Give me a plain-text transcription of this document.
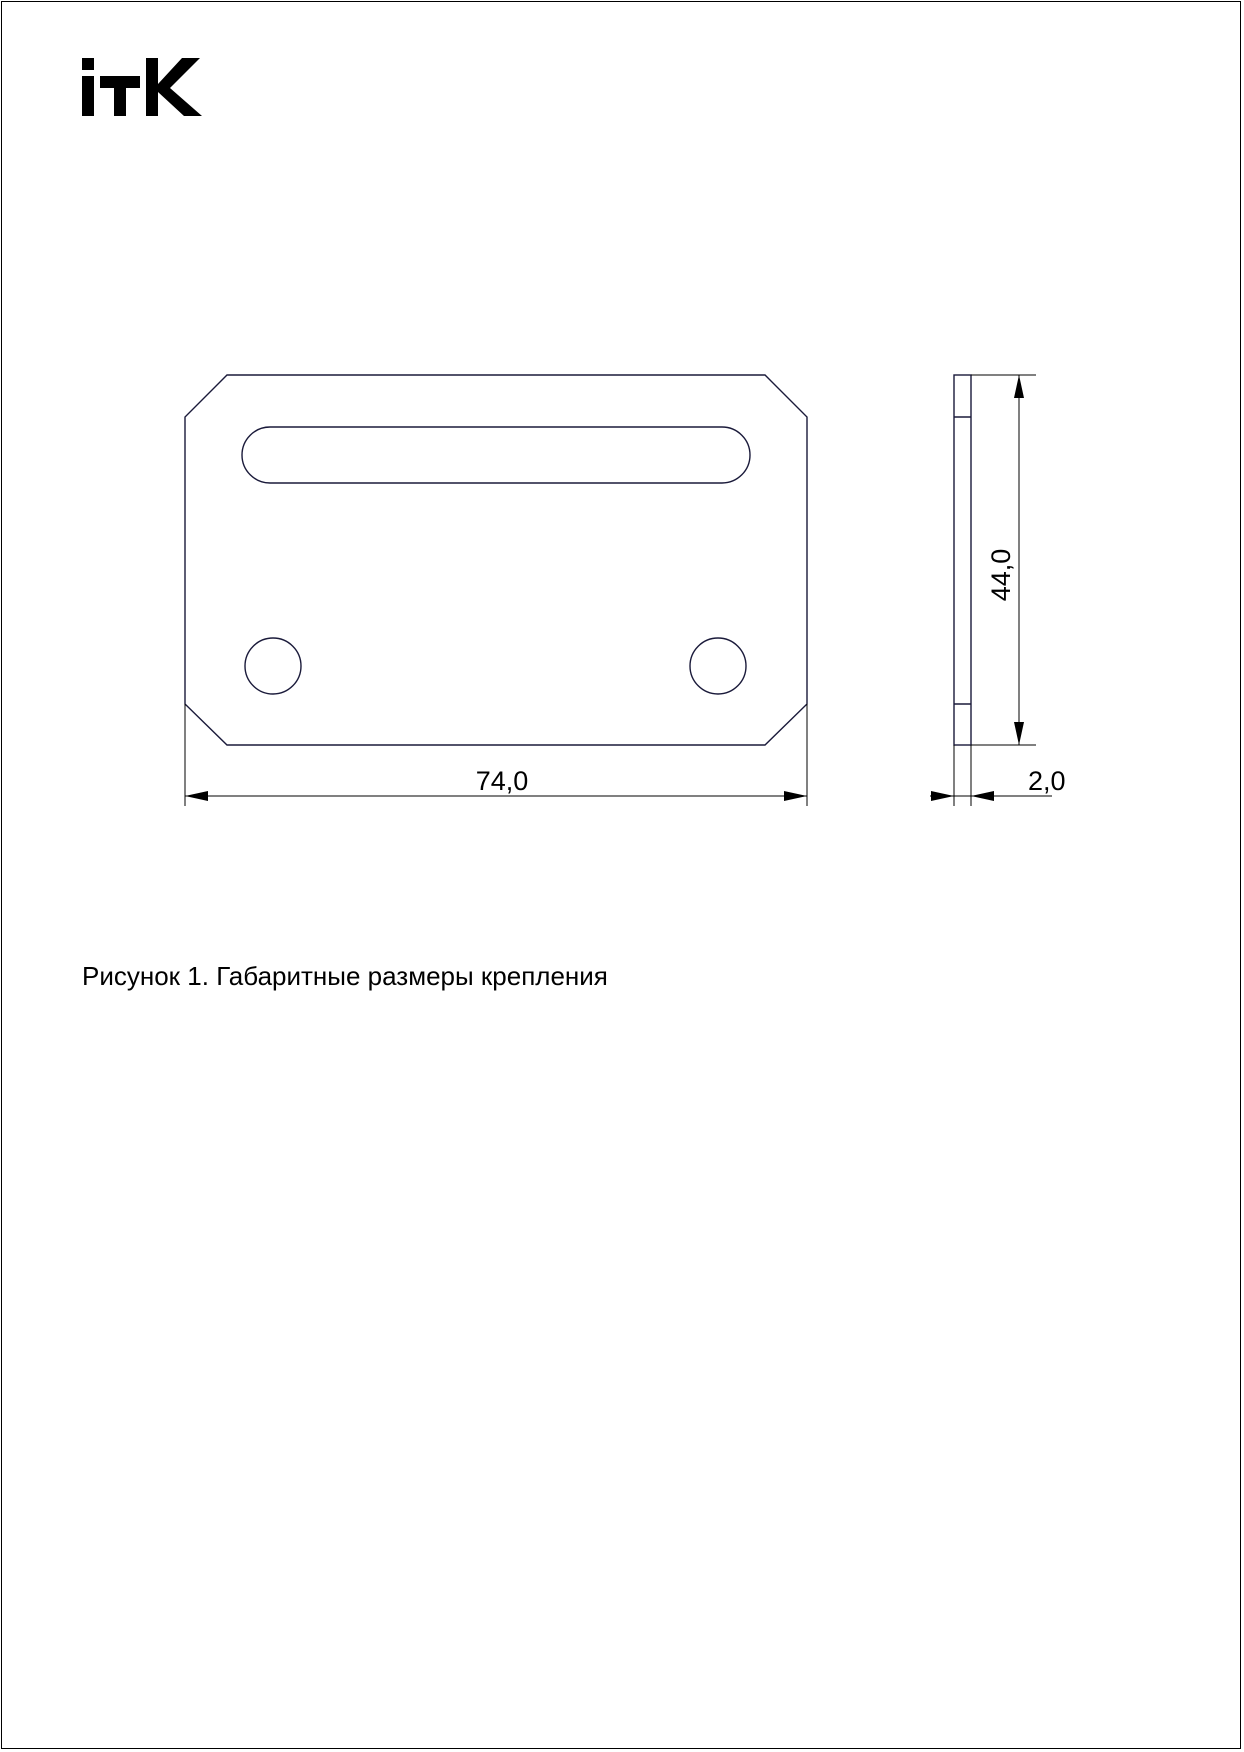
74,0	2,0
44,0
Рисунок 1. Габаритные размеры крепления
